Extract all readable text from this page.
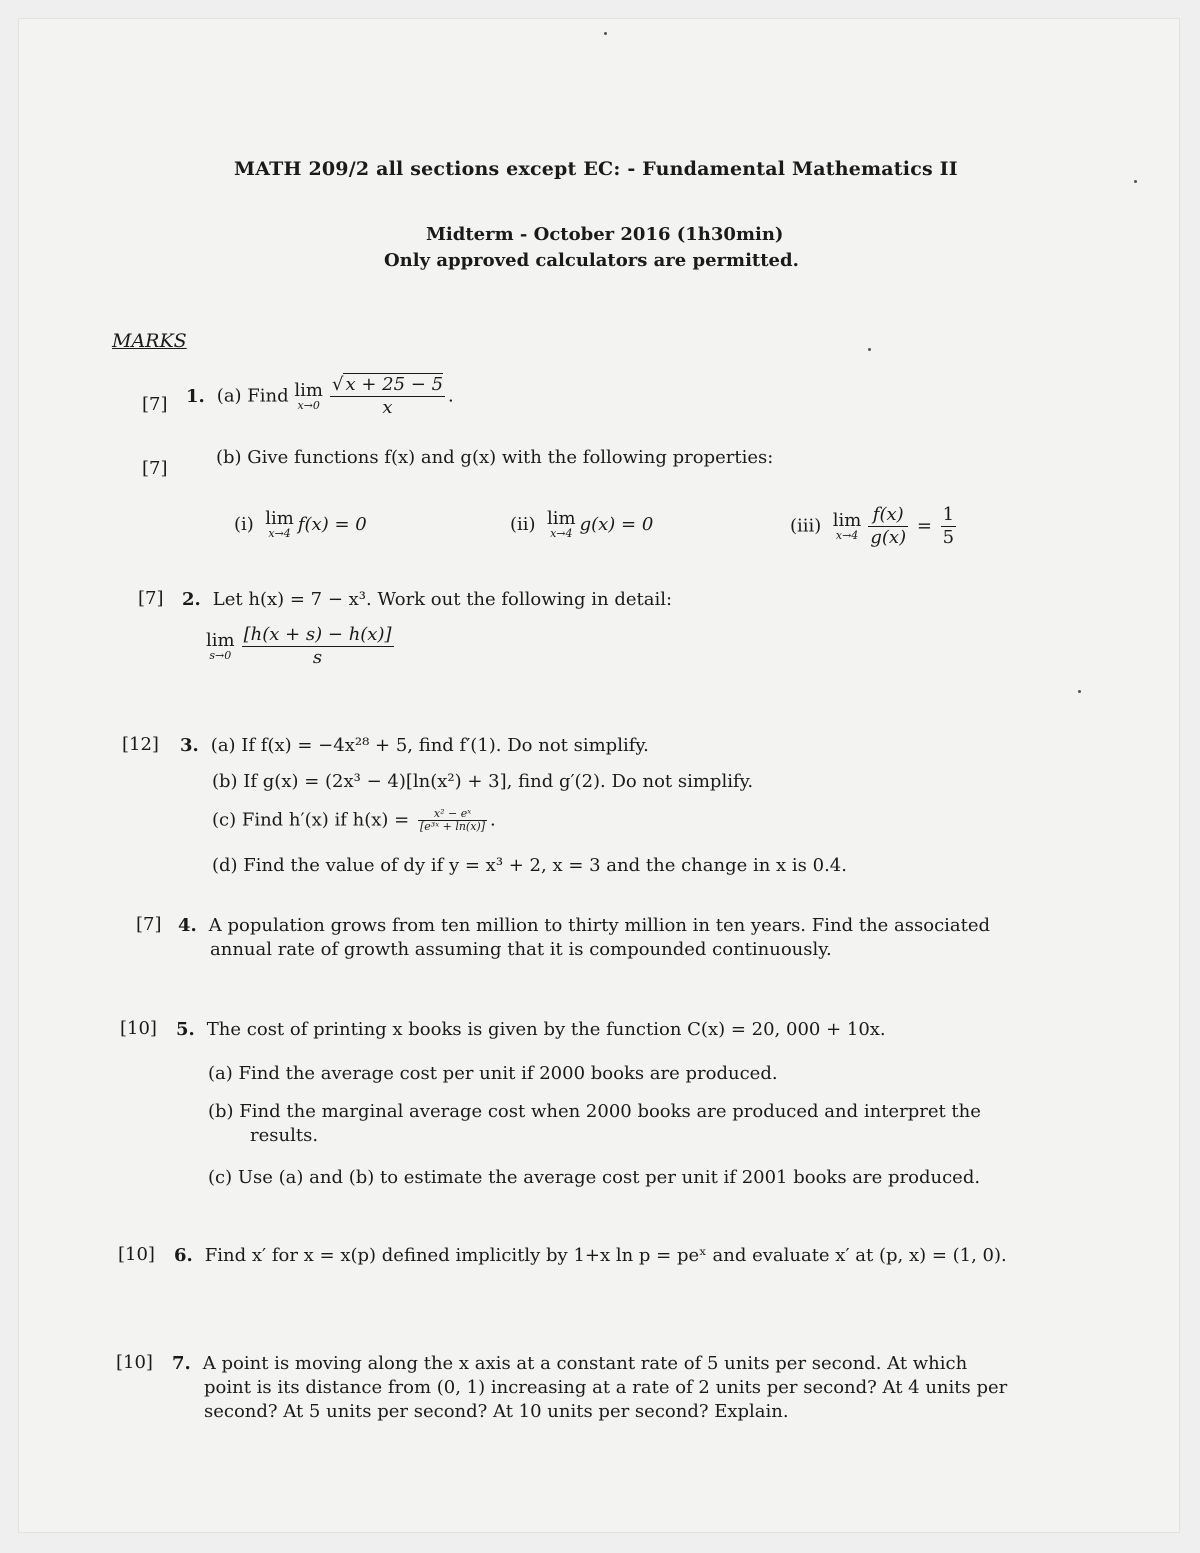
MATH 209/2 all sections except EC: - Fundamental Mathematics II
Midterm - October 2016 (1h30min)
Only approved calculators are permitted.
MARKS
[7] 1. (a) Find lim
$x\to 0 \frac{√ x + 25 - 5}{x}$ .
[7]
(b) Give functions f(x) and g(x) with the following properties:
(i) lim
x→4 f(x) = 0	(ii) lim
x→4 g(x) = 0	(iii) lim
$x\to 4 \frac{f(x)}{g(x)} = \frac{1}{5}$
[7] 2. Let h(x) = 7 − x³. Work out the following in detail:
lim
$s\to 0 \frac{[h(x + s) - h(x)]}{s}$
[12] 3. (a) If f(x) = −4x²⁸ + 5, find f′(1). Do not simplify.
(b) If g(x) = (2x³ − 4)[ln(x²) + 3], find g′(2). Do not simplify.
(c) Find h′(x) if $h(x) = \frac{\text{x² − eˣ}}{\text{[e³ˣ + ln(x)]}}$ .
(d) Find the value of dy if y = x³ + 2, x = 3 and the change in x is 0.4.
[7] 4. A population grows from ten million to thirty million in ten years. Find the associated
annual rate of growth assuming that it is compounded continuously.
[10] 5. The cost of printing x books is given by the function C(x) = 20, 000 + 10x.
(a) Find the average cost per unit if 2000 books are produced.
(b) Find the marginal average cost when 2000 books are produced and interpret the
results.
(c) Use (a) and (b) to estimate the average cost per unit if 2001 books are produced.
[10] 6. Find x′ for x = x(p) defined implicitly by 1+x ln p = peˣ and evaluate x′ at (p, x) = (1, 0).
[10] 7. A point is moving along the x axis at a constant rate of 5 units per second. At which
point is its distance from (0, 1) increasing at a rate of 2 units per second? At 4 units per
second? At 5 units per second? At 10 units per second? Explain.
